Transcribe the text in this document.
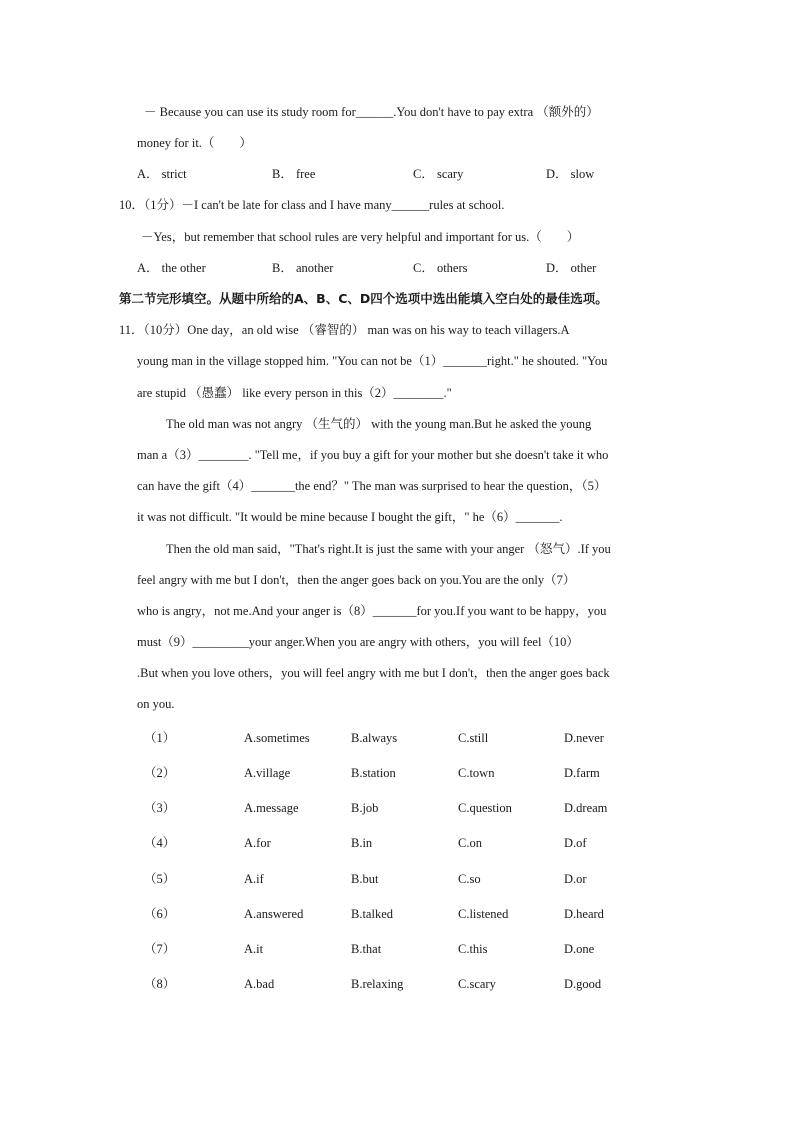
－ Because you can use its study room for______.You don't have to pay extra （额外的）
money for it.（　　）
A． strict	B． free	C． scary	D． slow
10．（1分）－I can't be late for class and I have many______rules at school.
－Yes，but remember that school rules are very helpful and important for us.（　　）
A． the other	B． another	C． others	D． other
第二节完形填空。从题中所给的A、B、C、D四个选项中选出能填入空白处的最佳选项。
11．（10分）One day，an old wise （睿智的） man was on his way to teach villagers.A
young man in the village stopped him. "You can not be（1）_______right." he shouted. "You
are stupid （愚蠢） like every person in this（2）________."
The old man was not angry （生气的） with the young man.But he asked the young
man a（3）________. "Tell me，if you buy a gift for your mother but she doesn't take it who
can have the gift（4）_______the end？" The man was surprised to hear the question，（5）
it was not difficult. "It would be mine because I bought the gift，" he（6）_______.
Then the old man said，"That's right.It is just the same with your anger （怒气）.If you
feel angry with me but I don't，then the anger goes back on you.You are the only（7）
who is angry，not me.And your anger is（8）_______for you.If you want to be happy，you
must（9）_________your anger.When you are angry with others，you will feel（10）
.But when you love others，you will feel angry with me but I don't，then the anger goes back
on you.
（1）	A.sometimes	B.always	C.still	D.never
（2）	A.village	B.station	C.town	D.farm
（3）	A.message	B.job	C.question	D.dream
（4）	A.for	B.in	C.on	D.of
（5）	A.if	B.but	C.so	D.or
（6）	A.answered	B.talked	C.listened	D.heard
（7）	A.it	B.that	C.this	D.one
（8）	A.bad	B.relaxing	C.scary	D.good
